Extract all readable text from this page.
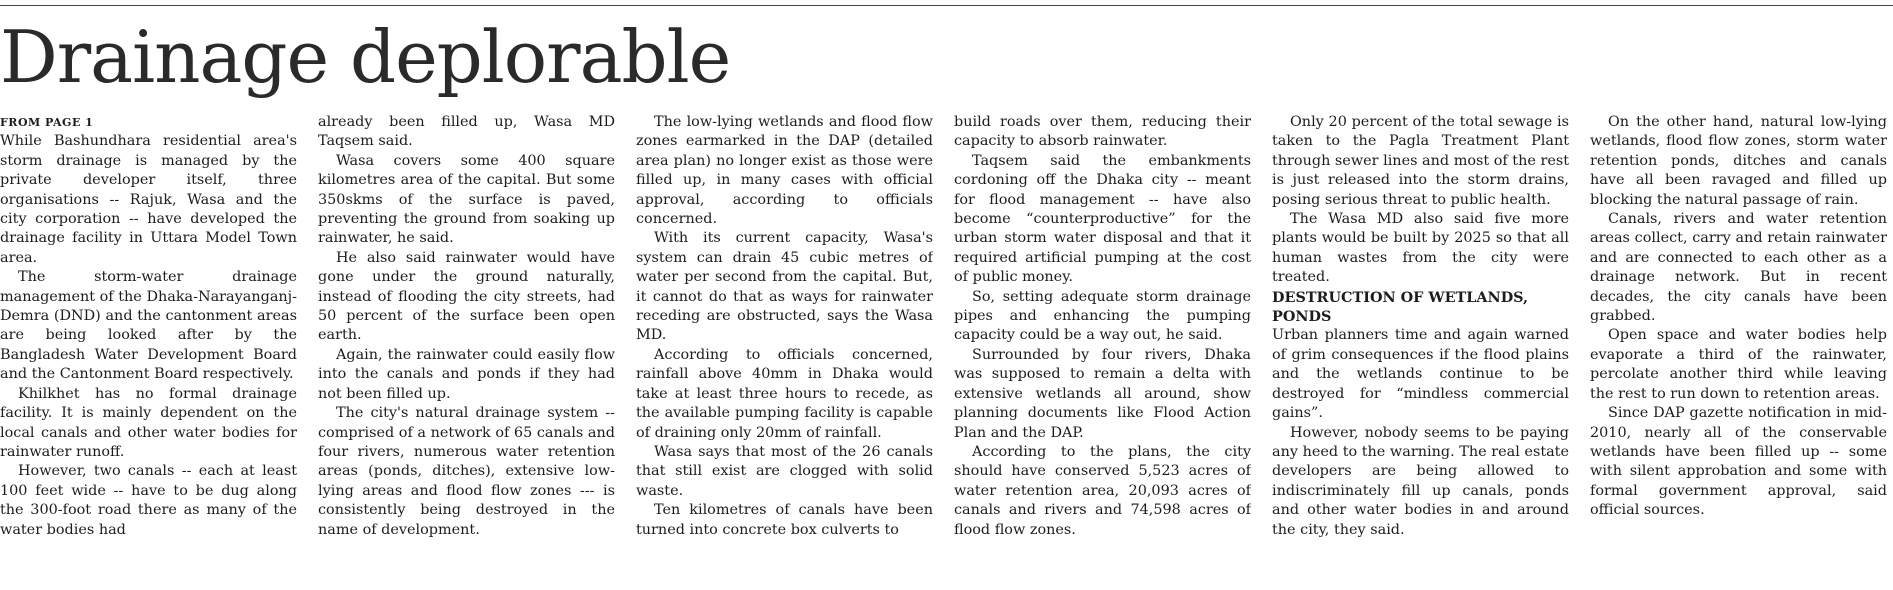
Drainage deplorable
FROM PAGE 1

While Bashundhara residential area's storm drainage is managed by the private developer itself, three organisations -- Rajuk, Wasa and the city corporation -- have developed the drainage facility in Uttara Model Town area.

The storm-water drainage management of the Dhaka-Narayanganj-Demra (DND) and the cantonment areas are being looked after by the Bangladesh Water Development Board and the Cantonment Board respectively.

Khilkhet has no formal drainage facility. It is mainly dependent on the local canals and other water bodies for rainwater runoff.

However, two canals -- each at least 100 feet wide -- have to be dug along the 300-foot road there as many of the water bodies had

already been filled up, Wasa MD Taqsem said.

Wasa covers some 400 square kilometres area of the capital. But some 350skms of the surface is paved, preventing the ground from soaking up rainwater, he said.

He also said rainwater would have gone under the ground naturally, instead of flooding the city streets, had 50 percent of the surface been open earth.

Again, the rainwater could easily flow into the canals and ponds if they had not been filled up.

The city's natural drainage system -- comprised of a network of 65 canals and four rivers, numerous water retention areas (ponds, ditches), extensive low-lying areas and flood flow zones --- is consistently being destroyed in the name of development.

The low-lying wetlands and flood flow zones earmarked in the DAP (detailed area plan) no longer exist as those were filled up, in many cases with official approval, according to officials concerned.

With its current capacity, Wasa's system can drain 45 cubic metres of water per second from the capital. But, it cannot do that as ways for rainwater receding are obstructed, says the Wasa MD.

According to officials concerned, rainfall above 40mm in Dhaka would take at least three hours to recede, as the available pumping facility is capable of draining only 20mm of rainfall.

Wasa says that most of the 26 canals that still exist are clogged with solid waste.

Ten kilometres of canals have been turned into concrete box culverts to

build roads over them, reducing their capacity to absorb rainwater.

Taqsem said the embankments cordoning off the Dhaka city -- meant for flood management -- have also become “counterproductive” for the urban storm water disposal and that it required artificial pumping at the cost of public money.

So, setting adequate storm drainage pipes and enhancing the pumping capacity could be a way out, he said.

Surrounded by four rivers, Dhaka was supposed to remain a delta with extensive wetlands all around, show planning documents like Flood Action Plan and the DAP.

According to the plans, the city should have conserved 5,523 acres of water retention area, 20,093 acres of canals and rivers and 74,598 acres of flood flow zones.

Only 20 percent of the total sewage is taken to the Pagla Treatment Plant through sewer lines and most of the rest is just released into the storm drains, posing serious threat to public health.

The Wasa MD also said five more plants would be built by 2025 so that all human wastes from the city were treated.

DESTRUCTION OF WETLANDS, PONDS

Urban planners time and again warned of grim consequences if the flood plains and the wetlands continue to be destroyed for “mindless commercial gains”.

However, nobody seems to be paying any heed to the warning. The real estate developers are being allowed to indiscriminately fill up canals, ponds and other water bodies in and around the city, they said.

On the other hand, natural low-lying wetlands, flood flow zones, storm water retention ponds, ditches and canals have all been ravaged and filled up blocking the natural passage of rain.

Canals, rivers and water retention areas collect, carry and retain rainwater and are connected to each other as a drainage network. But in recent decades, the city canals have been grabbed.

Open space and water bodies help evaporate a third of the rainwater, percolate another third while leaving the rest to run down to retention areas.

Since DAP gazette notification in mid-2010, nearly all of the conservable wetlands have been filled up -- some with silent approbation and some with formal government approval, said official sources.
